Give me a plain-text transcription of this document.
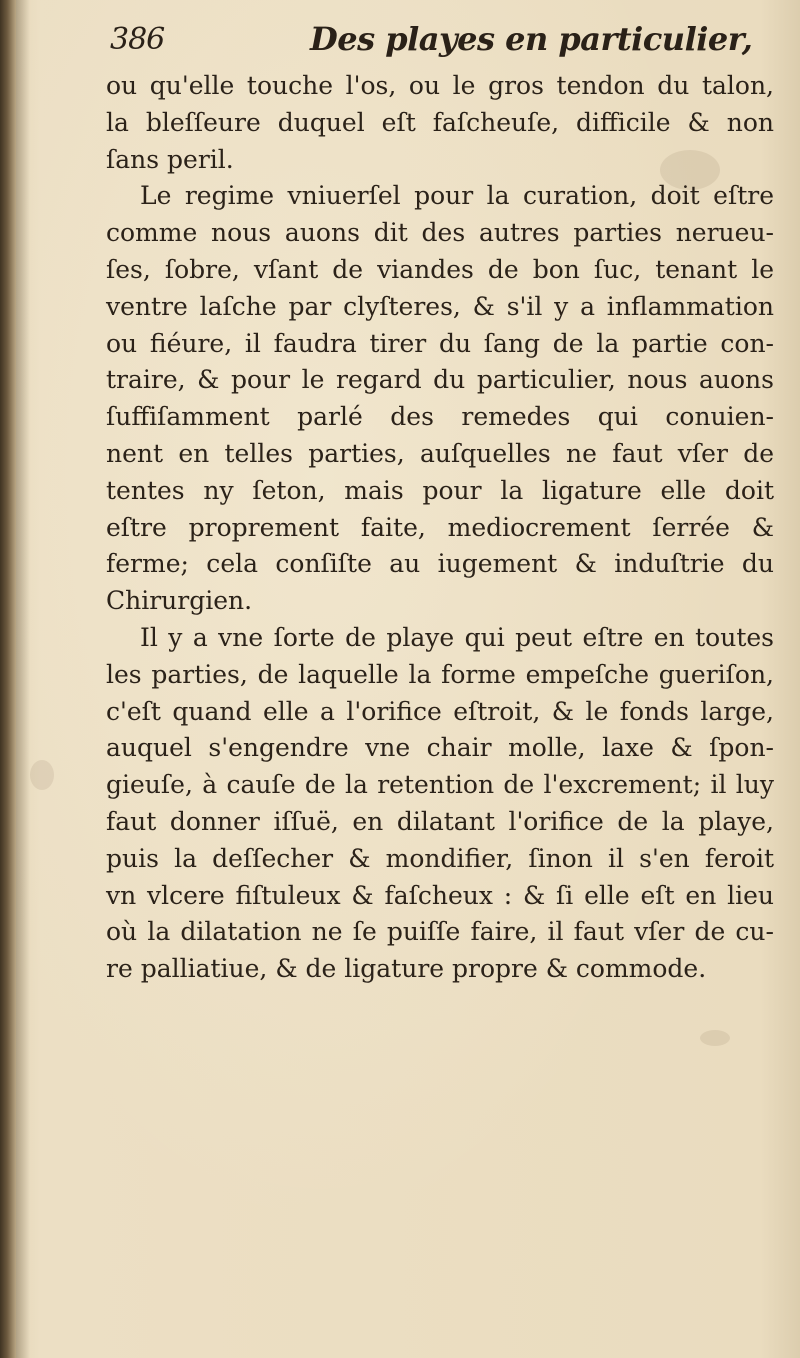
386	Des playes en particulier,
ou qu'elle touche l'os, ou le gros tendon du talon,
la bleſſeure duquel eſt faſcheuſe, difficile & non
ſans peril.
Le regime vniuerſel pour la curation, doit eſtre
comme nous auons dit des autres parties nerueu-
ſes, ſobre, vſant de viandes de bon ſuc, tenant le
ventre laſche par clyſteres, & s'il y a inflammation
ou fiéure, il faudra tirer du ſang de la partie con-
traire, & pour le regard du particulier, nous auons
ſuffiſamment parlé des remedes qui conuien-
nent en telles parties, auſquelles ne faut vſer de
tentes ny ſeton, mais pour la ligature elle doit
eſtre proprement faite, mediocrement ſerrée &
ferme; cela conſiſte au iugement & induſtrie du
Chirurgien.
Il y a vne ſorte de playe qui peut eſtre en toutes
les parties, de laquelle la forme empeſche gueriſon,
c'eſt quand elle a l'orifice eſtroit, & le fonds large,
auquel s'engendre vne chair molle, laxe & ſpon-
gieuſe, à cauſe de la retention de l'excrement; il luy
faut donner iſſuë, en dilatant l'orifice de la playe,
puis la deſſecher & mondifier, ſinon il s'en feroit
vn vlcere fiſtuleux & faſcheux : & ſi elle eſt en lieu
où la dilatation ne ſe puiſſe faire, il faut vſer de cu-
re palliatiue, & de ligature propre & commode.
